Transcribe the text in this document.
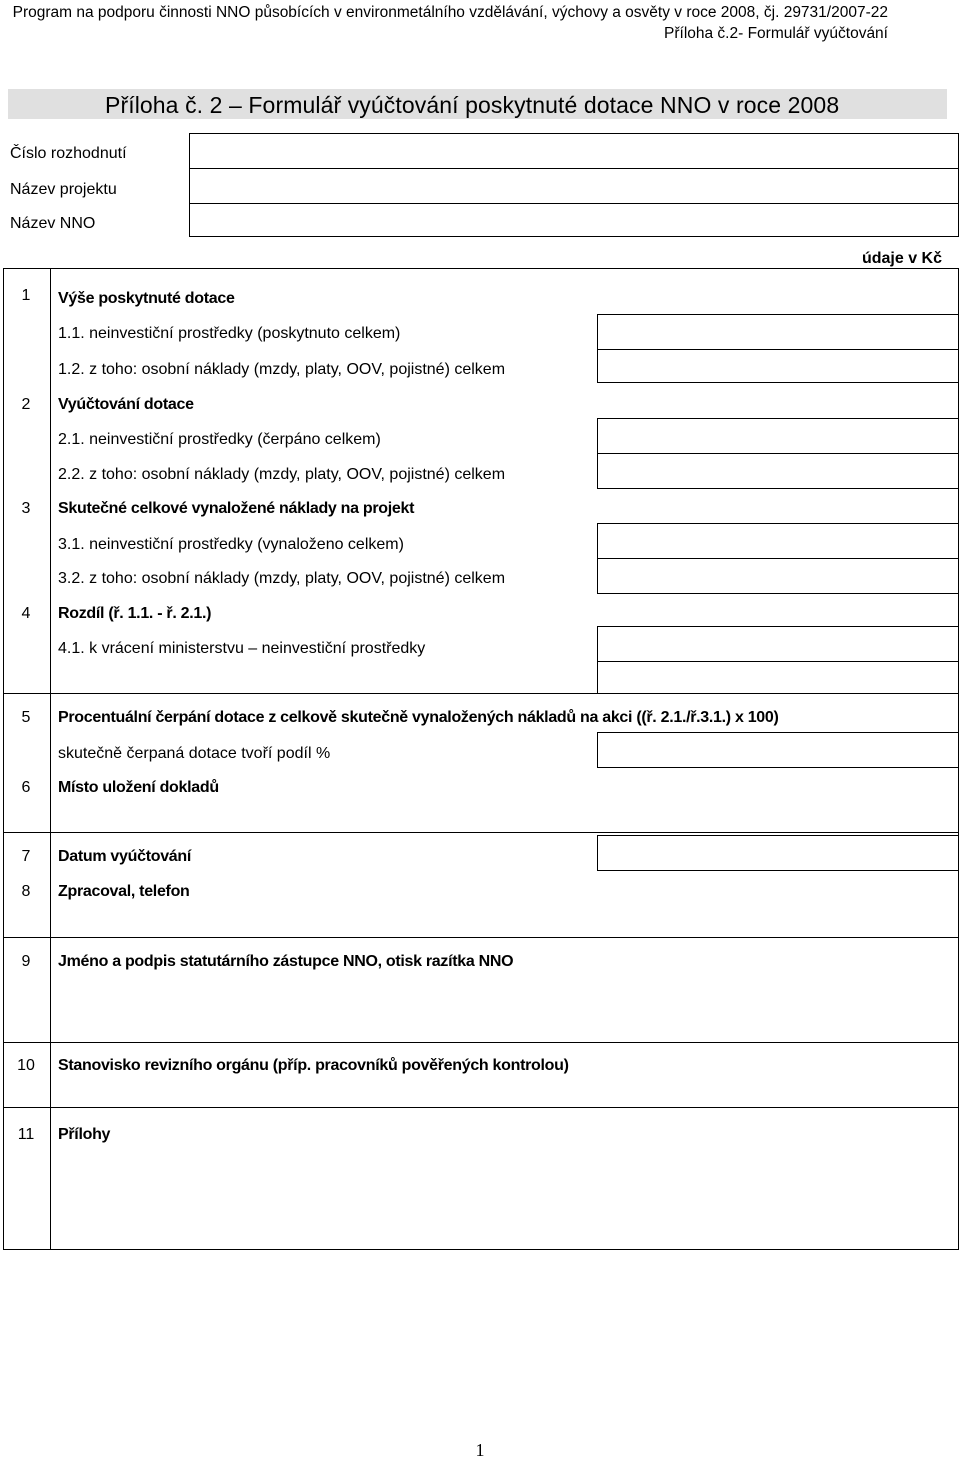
Program na podporu činnosti NNO působících v environmetálního vzdělávání, výchovy a osvěty v roce 2008, čj. 29731/2007-22
Příloha č.2- Formulář vyúčtování
Příloha č. 2 – Formulář vyúčtování poskytnuté dotace NNO v roce 2008
Číslo rozhodnutí
Název projektu
Název NNO
údaje v Kč
1	Výše poskytnuté dotace
1.1. neinvestiční prostředky (poskytnuto celkem)
1.2. z toho: osobní náklady (mzdy, platy, OOV, pojistné) celkem
2	Vyúčtování dotace
2.1. neinvestiční prostředky (čerpáno celkem)
2.2. z toho: osobní náklady (mzdy, platy, OOV, pojistné) celkem
3	Skutečné celkové vynaložené náklady na projekt
3.1. neinvestiční prostředky (vynaloženo celkem)
3.2. z toho: osobní náklady (mzdy, platy, OOV, pojistné) celkem
4	Rozdíl (ř. 1.1. - ř. 2.1.)
4.1. k vrácení ministerstvu – neinvestiční prostředky
5	Procentuální čerpání dotace z celkově skutečně vynaložených nákladů na akci ((ř. 2.1./ř.3.1.) x 100)
skutečně čerpaná dotace tvoří podíl %
6	Místo uložení dokladů
7	Datum vyúčtování
8	Zpracoval, telefon
9	Jméno a podpis statutárního zástupce NNO, otisk razítka NNO
10	Stanovisko revizního orgánu (příp. pracovníků pověřených kontrolou)
11	Přílohy
1
